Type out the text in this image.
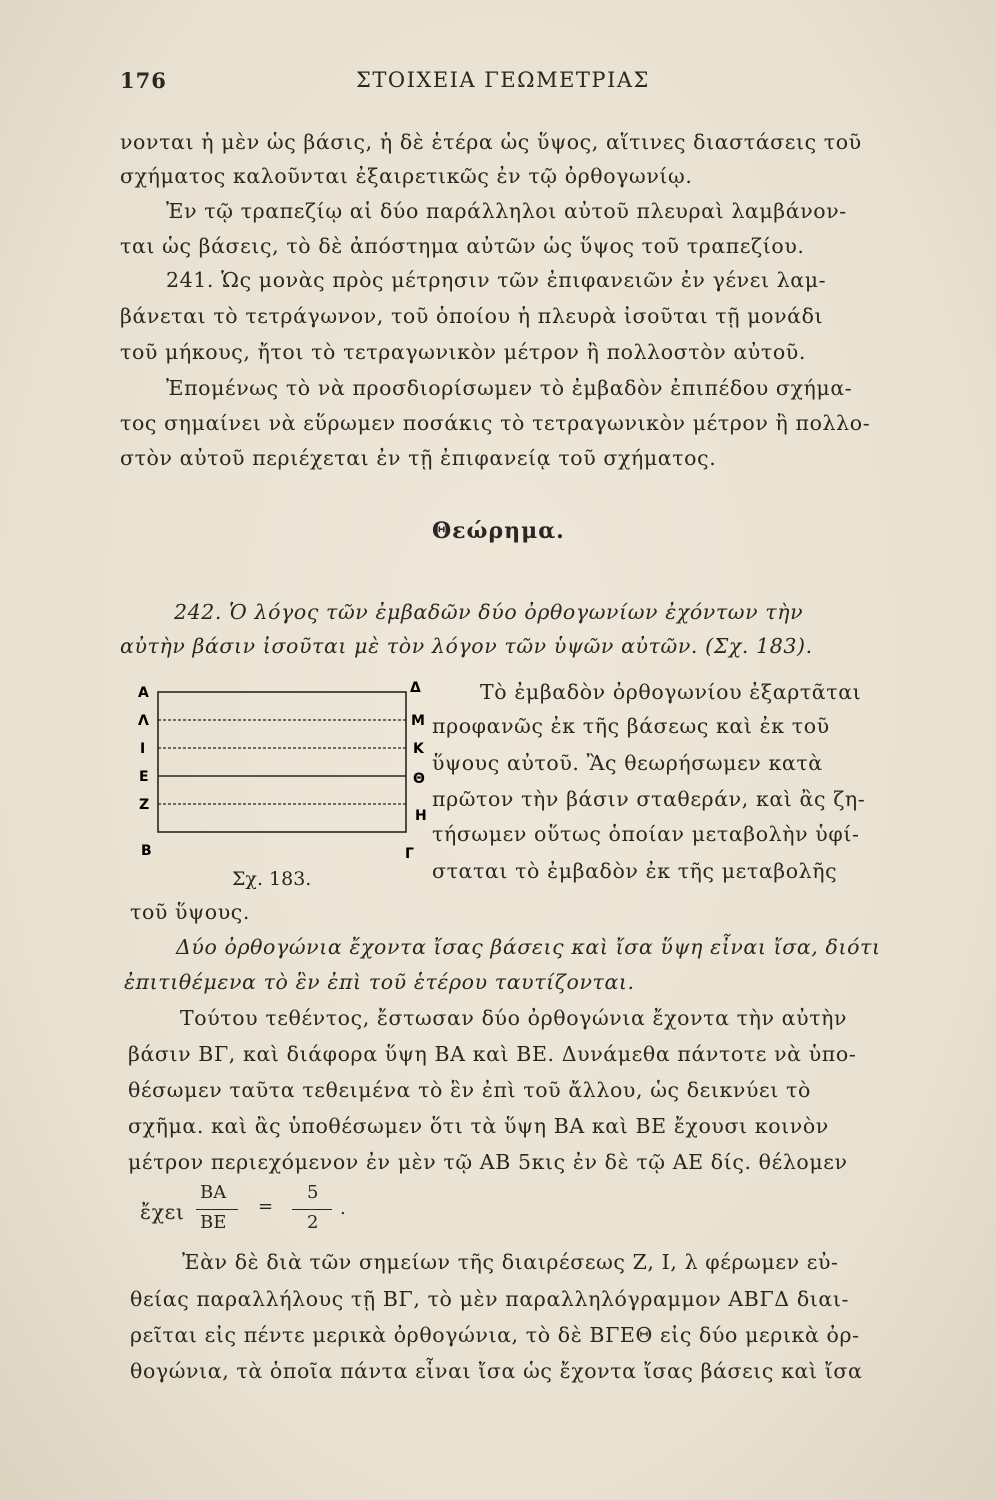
176	ΣΤΟΙΧΕΙΑ ΓΕΩΜΕΤΡΙΑΣ
νονται ἡ μὲν ὡς βάσις, ἡ δὲ ἑτέρα ὡς ὕψος, αἵτινες διαστάσεις τοῦ
σχήματος καλοῦνται ἐξαιρετικῶς ἐν τῷ ὀρθογωνίῳ.
Ἐν τῷ τραπεζίῳ αἱ δύο παράλληλοι αὐτοῦ πλευραὶ λαμβάνον-
ται ὡς βάσεις, τὸ δὲ ἀπόστημα αὐτῶν ὡς ὕψος τοῦ τραπεζίου.
241. Ὡς μονὰς πρὸς μέτρησιν τῶν ἐπιφανειῶν ἐν γένει λαμ-
βάνεται τὸ τετράγωνον, τοῦ ὁποίου ἡ πλευρὰ ἰσοῦται τῇ μονάδι
τοῦ μήκους, ἤτοι τὸ τετραγωνικὸν μέτρον ἢ πολλοστὸν αὐτοῦ.
Ἐπομένως τὸ νὰ προσδιορίσωμεν τὸ ἐμβαδὸν ἐπιπέδου σχήμα-
τος σημαίνει νὰ εὕρωμεν ποσάκις τὸ τετραγωνικὸν μέτρον ἢ πολλο-
στὸν αὐτοῦ περιέχεται ἐν τῇ ἐπιφανείᾳ τοῦ σχήματος.
Θεώρημα.
242. Ὁ λόγος τῶν ἐμβαδῶν δύο ὀρθογωνίων ἐχόντων τὴν
αὐτὴν βάσιν ἰσοῦται μὲ τὸν λόγον τῶν ὑψῶν αὐτῶν. (Σχ. 183).
Α
Λ
Ι
Ε
Ζ
Β
Δ
Μ
Κ
Θ
Η
Γ
Σχ. 183.
Τὸ ἐμβαδὸν ὀρθογωνίου ἐξαρτᾶται
προφανῶς ἐκ τῆς βάσεως καὶ ἐκ τοῦ
ὕψους αὐτοῦ. Ἂς θεωρήσωμεν κατὰ
πρῶτον τὴν βάσιν σταθεράν, καὶ ἂς ζη-
τήσωμεν οὕτως ὁποίαν μεταβολὴν ὑφί-
σταται τὸ ἐμβαδὸν ἐκ τῆς μεταβολῆς
τοῦ ὕψους.
Δύο ὀρθογώνια ἔχοντα ἴσας βάσεις καὶ ἴσα ὕψη εἶναι ἴσα, διότι
ἐπιτιθέμενα τὸ ἓν ἐπὶ τοῦ ἑτέρου ταυτίζονται.
Τούτου τεθέντος, ἔστωσαν δύο ὀρθογώνια ἔχοντα τὴν αὐτὴν
βάσιν ΒΓ, καὶ διάφορα ὕψη ΒΑ καὶ ΒΕ. Δυνάμεθα πάντοτε νὰ ὑπο-
θέσωμεν ταῦτα τεθειμένα τὸ ἓν ἐπὶ τοῦ ἄλλου, ὡς δεικνύει τὸ
σχῆμα. καὶ ἂς ὑποθέσωμεν ὅτι τὰ ὕψη ΒΑ καὶ ΒΕ ἔχουσι κοινὸν
μέτρον περιεχόμενον ἐν μὲν τῷ ΑΒ 5κις ἐν δὲ τῷ ΑΕ δίς. θέλομεν
ἔχει
ΒΑ
ΒΕ
=
5
2
.
Ἐὰν δὲ διὰ τῶν σημείων τῆς διαιρέσεως Ζ, Ι, λ φέρωμεν εὐ-
θείας παραλλήλους τῇ ΒΓ, τὸ μὲν παραλληλόγραμμον ΑΒΓΔ διαι-
ρεῖται εἰς πέντε μερικὰ ὀρθογώνια, τὸ δὲ ΒΓΕΘ εἰς δύο μερικὰ ὀρ-
θογώνια, τὰ ὁποῖα πάντα εἶναι ἴσα ὡς ἔχοντα ἴσας βάσεις καὶ ἴσα
